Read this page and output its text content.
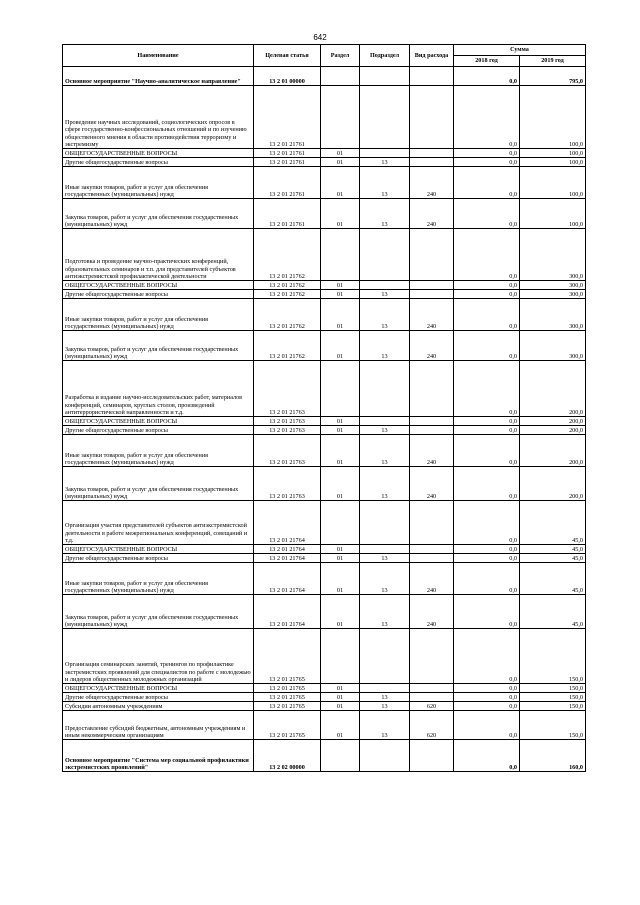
642
Наименование	Целевая статья	Раздел	Подраздел	Вид расхода	Сумма	
					2018 год	2019 год
Основное мероприятие "Научно-аналитическое направление"	13 2 01 00000				0,0	795,0
Проведение научных исследований, социологических опросов в сфере государственно-конфессиональных отношений и по изучению общественного мнения в области противодействия терроризму и экстремизму	13 2 01 21761				0,0	100,0
ОБЩЕГОСУДАРСТВЕННЫЕ ВОПРОСЫ	13 2 01 21761	01			0,0	100,0
Другие общегосударственные вопросы	13 2 01 21761	01	13		0,0	100,0
Иные закупки товаров, работ и услуг для обеспечения государственных (муниципальных) нужд	13 2 01 21761	01	13	240	0,0	100,0
Закупка товаров, работ и услуг для обеспечения государственных (муниципальных) нужд	13 2 01 21761	01	13	240	0,0	100,0
Подготовка и проведение научно-практических конференций, образовательных семинаров и т.п. для представителей субъектов антиэкстремистской профилактической деятельности	13 2 01 21762				0,0	300,0
ОБЩЕГОСУДАРСТВЕННЫЕ ВОПРОСЫ	13 2 01 21762	01			0,0	300,0
Другие общегосударственные вопросы	13 2 01 21762	01	13		0,0	300,0
Иные закупки товаров, работ и услуг для обеспечения государственных (муниципальных) нужд	13 2 01 21762	01	13	240	0,0	300,0
Закупка товаров, работ и услуг для обеспечения государственных (муниципальных) нужд	13 2 01 21762	01	13	240	0,0	300,0
Разработка и издание научно-исследовательских работ, материалов конференций, семинаров, круглых столов, произведений антитеррористической направленности и т.д.	13 2 01 21763				0,0	200,0
ОБЩЕГОСУДАРСТВЕННЫЕ ВОПРОСЫ	13 2 01 21763	01			0,0	200,0
Другие общегосударственные вопросы	13 2 01 21763	01	13		0,0	200,0
Иные закупки товаров, работ и услуг для обеспечения государственных (муниципальных) нужд	13 2 01 21763	01	13	240	0,0	200,0
Закупка товаров, работ и услуг для обеспечения государственных (муниципальных) нужд	13 2 01 21763	01	13	240	0,0	200,0
Организация участия представителей субъектов антиэкстремистской деятельности в работе межрегиональных конференций, совещаний и т.д.	13 2 01 21764				0,0	45,0
ОБЩЕГОСУДАРСТВЕННЫЕ ВОПРОСЫ	13 2 01 21764	01			0,0	45,0
Другие общегосударственные вопросы	13 2 01 21764	01	13		0,0	45,0
Иные закупки товаров, работ и услуг для обеспечения государственных (муниципальных) нужд	13 2 01 21764	01	13	240	0,0	45,0
Закупка товаров, работ и услуг для обеспечения государственных (муниципальных) нужд	13 2 01 21764	01	13	240	0,0	45,0
Организация семинарских занятий, тренингов по профилактике экстремистских проявлений для специалистов по работе с молодежью и лидеров общественных молодежных организаций	13 2 01 21765				0,0	150,0
ОБЩЕГОСУДАРСТВЕННЫЕ ВОПРОСЫ	13 2 01 21765	01			0,0	150,0
Другие общегосударственные вопросы	13 2 01 21765	01	13		0,0	150,0
Субсидии автономным учреждениям	13 2 01 21765	01	13	620	0,0	150,0
Предоставление субсидий бюджетным, автономным учреждениям и иным некоммерческим организациям	13 2 01 21765	01	13	620	0,0	150,0
Основное мероприятие "Система мер социальной профилактики экстремистских проявлений"	13 2 02 00000				0,0	160,0
